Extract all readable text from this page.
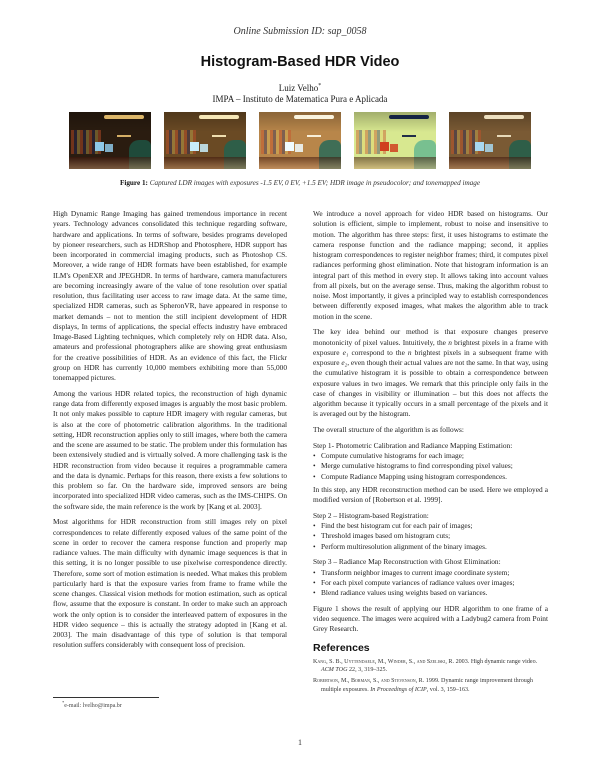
Online Submission ID: sap_0058
Histogram-Based HDR Video
Luiz Velho*
IMPA – Instituto de Matematica Pura e Aplicada
Figure 1: Captured LDR images with exposures -1.5 EV, 0 EV, +1.5 EV; HDR image in pseudocolor; and tonemapped image

High Dynamic Range Imaging has gained tremendous importance in recent years. Technology advances consolidated this technique regarding software, hardware and applications. In terms of software, besides programs developed by pioneer researchers, such as HDRShop and Photosphere, HDR support has been incorporated in commercial imaging products, such as Photoshop CS. Moreover, a wide range of HDR formats have been established, for example ILM's OpenEXR and JPEGHDR. In terms of hardware, camera manufacturers are becoming increasingly aware of the value of tone resolution over spatial resolution, thus facilitating user access to raw image data. At the same time, specialized HDR cameras, such as SpheronVR, have appeared in response to market demands – not to mention the still incipient development of HDR displays, In terms of applications, the special effects industry have embraced Image-Based Lighting techniques, which completely rely on HDR data. Also, amateurs and professional photographers alike are showing great enthusiasm for the creative possibilities of HDR. As an evidence of this fact, the Flickr group on HDR has currently 10,000 members exhibiting more than 55,000 tonemapped pictures.

Among the various HDR related topics, the reconstruction of high dynamic range data from differently exposed images is arguably the most basic problem. It not only makes possible to capture HDR imagery with regular cameras, but is also at the core of photometric calibration algorithms. In the traditional setting, HDR reconstruction applies only to still images, where both the camera and the scene are assumed to be static. The problem under this formulation has been extensively studied and is virtually solved. A more challenging task is the HDR reconstruction from video because it requires a programmable camera and the data is dynamic. Perhaps for this reason, there exists a few solutions to this problem so far. On the hardware side, improved sensors are being incorporated into specialized HDR video cameras, such as the IMS-CHIPS. On the software side, the main reference is the work by [Kang et al. 2003].

Most algorithms for HDR reconstruction from still images rely on pixel correspondences to relate differently exposed values of the same point of the scene in order to recover the camera response function and properly map radiance values. The main difficulty with dynamic image sequences is that in this setting, it is no longer possible to use pixelwise correspondence directly. Therefore, some sort of motion estimation is needed. What makes this problem particularly hard is that the exposure varies from frame to frame while the scene changes. Classical vision methods for motion estimation, such as optical flow, assume that the exposure is constant. In order to make such an approach work the only option is to consider the interleaved pattern of exposures in the HDR video sequence – this is actually the strategy adopted in [Kang et al. 2003]. The main disadvantage of this type of solution is that temporal resolution suffers considerably with consequent loss of precision.

We introduce a novel approach for video HDR based on histograms. Our solution is efficient, simple to implement, robust to noise and insensitive to motion. The algorithm has three steps: first, it uses histograms to estimate the camera response function and the radiance mapping; second, it applies histogram correspondences to register neighbor frames; third, it computes pixel radiances performing ghost elimination. Note that histogram information is an integral part of this method in every step. It allows taking into account values from all pixels, but on the average sense. Thus, making the algorithm robust to noise. Most importantly, it gives a principled way to establish correspondences between differently exposed images, what makes the algorithm able to track motion in the scene.

The key idea behind our method is that exposure changes preserve monotonicity of pixel values. Intuitively, the n brightest pixels in a frame with exposure e₁ correspond to the n brightest pixels in a subsequent frame with exposure e₂, even though their actual values are not the same. In that way, using the cumulative histogram it is possible to obtain a correspondence between exposure values in two images. We remark that this principle only fails in the case of changes in visibility or illumination – but this does not affects the algorithm because it typically occurs in a small percentage of the pixels and it is averaged out by the histogram.

The overall structure of the algorithm is as follows:

Step 1- Photometric Calibration and Radiance Mapping Estimation:

• Compute cumulative histograms for each image;
• Merge cumulative histograms to find corresponding pixel values;
• Compute Radiance Mapping using histogram correspondences.

In this step, any HDR reconstruction method can be used. Here we employed a modified version of [Robertson et al. 1999].

Step 2 – Histogram-based Registration:

• Find the best histogram cut for each pair of images;
• Threshold images based om histogram cuts;
• Perform multiresolution alignment of the binary images.

Step 3 – Radiance Map Reconstruction with Ghost Elimination:

• Transform neighbor images to current image coordinate system;
• For each pixel compute variances of radiance values over images;
• Blend radiance values using weights based on variances.

Figure 1 shows the result of applying our HDR algorithm to one frame of a video sequence. The images were acquired with a Ladybug2 camera from Point Grey Research.

References
Kang, S. B., Uyttendaele, M., Winder, S., and Szeliski, R. 2003. High dynamic range video. ACM TOG 22, 3, 319–325.
Robertson, M., Borman, S., and Stevenson, R. 1999. Dynamic range improvement through multiple exposures. In Proceedings of ICIP, vol. 3, 159–163.
*e-mail: lvelho@impa.br
1
